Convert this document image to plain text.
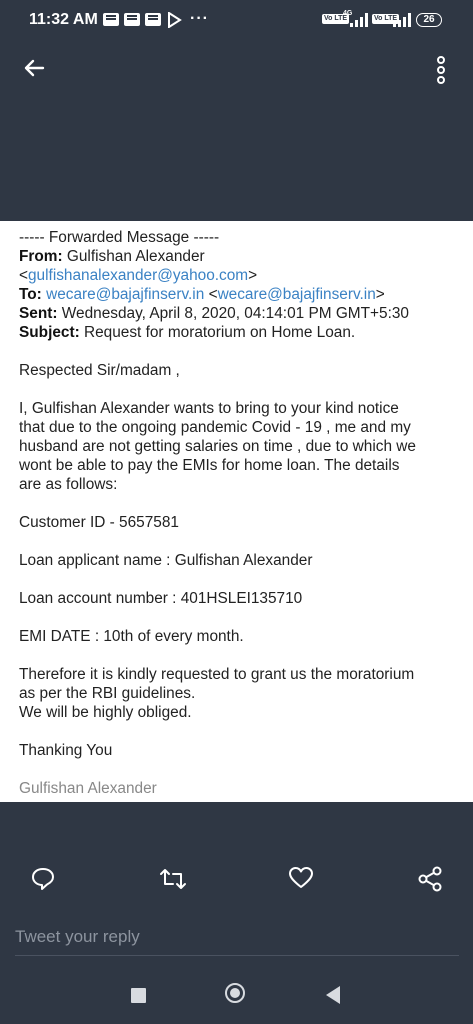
11:32 AM	···	Vo LTE
4G
Vo LTE	26
----- Forwarded Message -----
From: Gulfishan Alexander
<gulfishanalexander@yahoo.com>
To: wecare@bajajfinserv.in <wecare@bajajfinserv.in>
Sent: Wednesday, April 8, 2020, 04:14:01 PM GMT+5:30
Subject: Request for moratorium on Home Loan.
Respected Sir/madam ,
I, Gulfishan Alexander wants to bring to your kind notice
that due to the ongoing pandemic Covid - 19 , me and my
husband are not getting salaries on time , due to which we
wont be able to pay the EMIs for home loan. The details
are as follows:
Customer ID - 5657581
Loan applicant name : Gulfishan Alexander
Loan account number : 401HSLEI135710
EMI DATE : 10th of every month.
Therefore it is kindly requested to grant us the moratorium
as per the RBI guidelines.
We will be highly obliged.
Thanking You
Gulfishan Alexander
Tweet your reply
